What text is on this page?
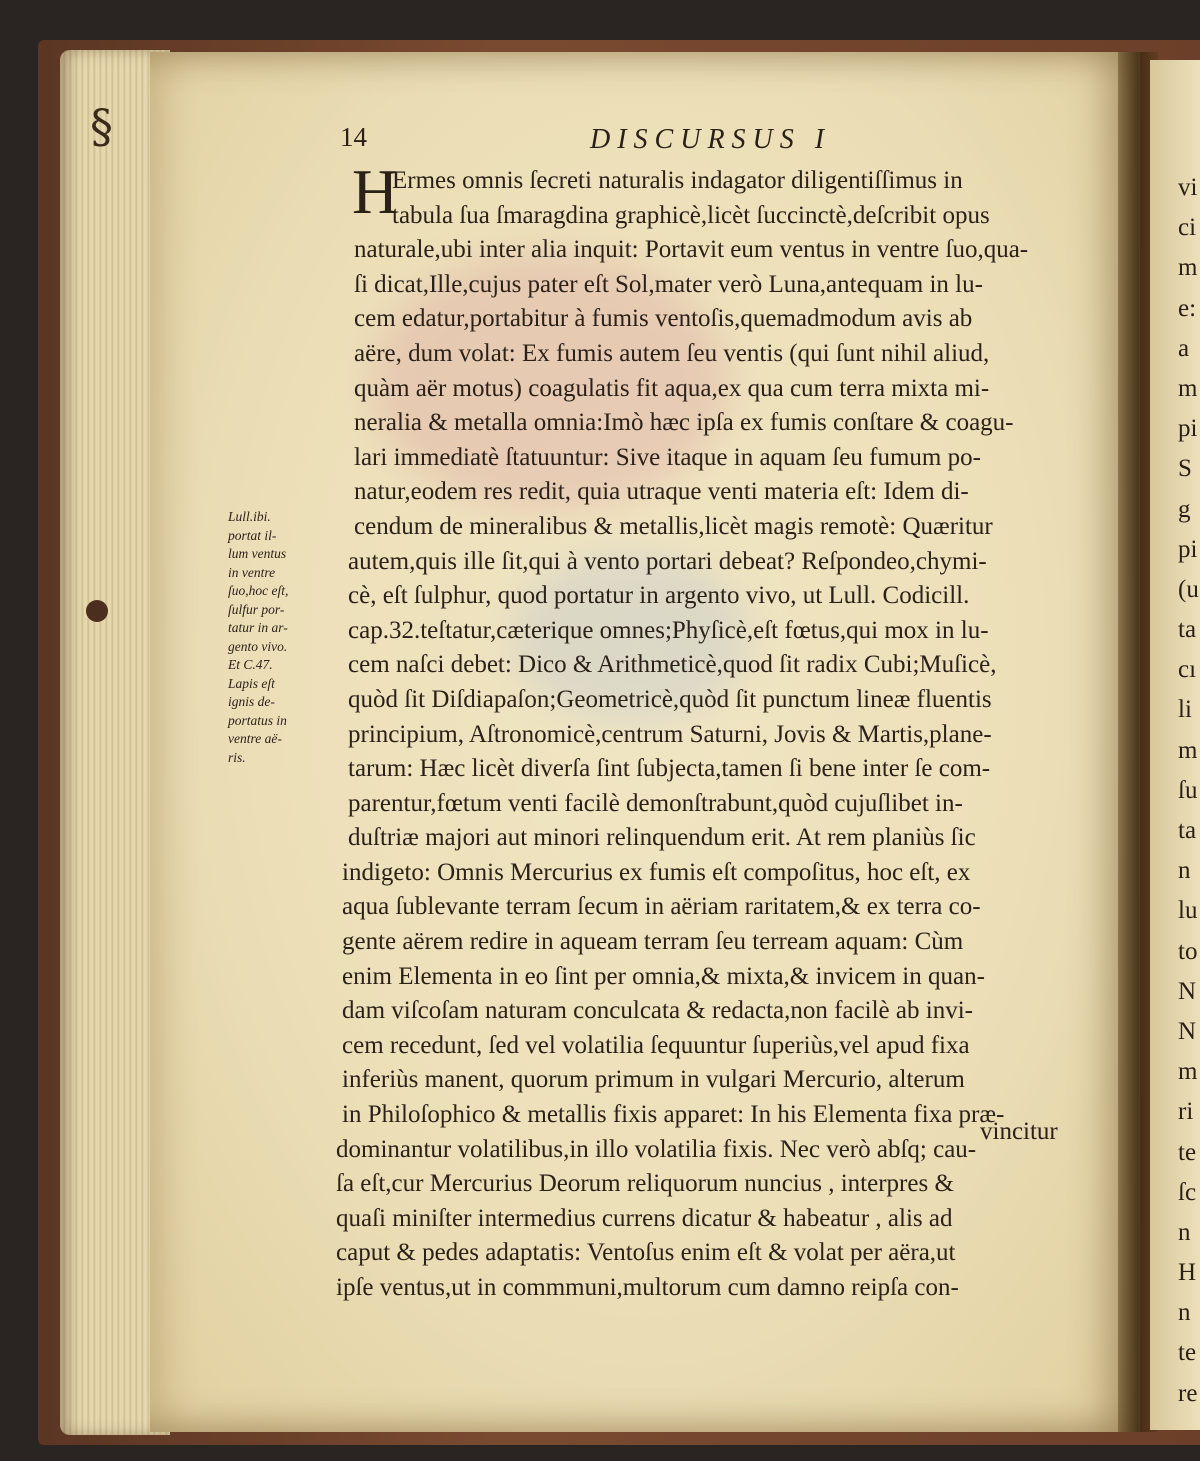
§
vi
ci
m
e:
a
m
pi
S
g
pi
(u
ta
cı
li
m
ſu
ta
n
lu
to
N
N
m
ri
te
ſc
n
H
n
te
re
14	DISCURSUS I
H
Ermes omnis ſecreti naturalis indagator diligentiſſimus in
tabula ſua ſmaragdina graphicè,licèt ſuccinctè,deſcribit opus
naturale,ubi inter alia inquit: Portavit eum ventus in ventre ſuo,qua-
ſi dicat,Ille,cujus pater eſt Sol,mater verò Luna,antequam in lu-
cem edatur,portabitur à fumis ventoſis,quemadmodum avis ab
aëre, dum volat: Ex fumis autem ſeu ventis (qui ſunt nihil aliud,
quàm aër motus) coagulatis fit aqua,ex qua cum terra mixta mi-
neralia & metalla omnia:Imò hæc ipſa ex fumis conſtare & coagu-
lari immediatè ſtatuuntur: Sive itaque in aquam ſeu fumum po-
natur,eodem res redit, quia utraque venti materia eſt: Idem di-
cendum de mineralibus & metallis,licèt magis remotè: Quæritur
autem,quis ille ſit,qui à vento portari debeat? Reſpondeo,chymi-
cè, eſt ſulphur, quod portatur in argento vivo, ut Lull. Codicill.
cap.32.teſtatur,cæterique omnes;Phyſicè,eſt fœtus,qui mox in lu-
cem naſci debet: Dico & Arithmeticè,quod ſit radix Cubi;Muſicè,
quòd ſit Diſdiapaſon;Geometricè,quòd ſit punctum lineæ fluentis
principium, Aſtronomicè,centrum Saturni, Jovis & Martis,plane-
tarum: Hæc licèt diverſa ſint ſubjecta,tamen ſi bene inter ſe com-
parentur,fœtum venti facilè demonſtrabunt,quòd cujuſlibet in-
duſtriæ majori aut minori relinquendum erit. At rem planiùs ſic
indigeto: Omnis Mercurius ex fumis eſt compoſitus, hoc eſt, ex
aqua ſublevante terram ſecum in aëriam raritatem,& ex terra co-
gente aërem redire in aqueam terram ſeu terream aquam: Cùm
enim Elementa in eo ſint per omnia,& mixta,& invicem in quan-
dam viſcoſam naturam conculcata & redacta,non facilè ab invi-
cem recedunt, ſed vel volatilia ſequuntur ſuperiùs,vel apud fixa
inferiùs manent, quorum primum in vulgari Mercurio, alterum
in Philoſophico & metallis fixis apparet: In his Elementa fixa præ-
dominantur volatilibus,in illo volatilia fixis. Nec verò abſq; cau-
ſa eſt,cur Mercurius Deorum reliquorum nuncius , interpres &
quaſi miniſter intermedius currens dicatur & habeatur , alis ad
caput & pedes adaptatis: Ventoſus enim eſt & volat per aëra,ut
ipſe ventus,ut in commmuni,multorum cum damno reipſa con-
vincitur
Lull.ibi.
portat il-
lum ventus
in ventre
ſuo,hoc eſt,
ſulfur por-
tatur in ar-
gento vivo.
Et C.47.
Lapis eſt
ignis de-
portatus in
ventre aë-
ris.
